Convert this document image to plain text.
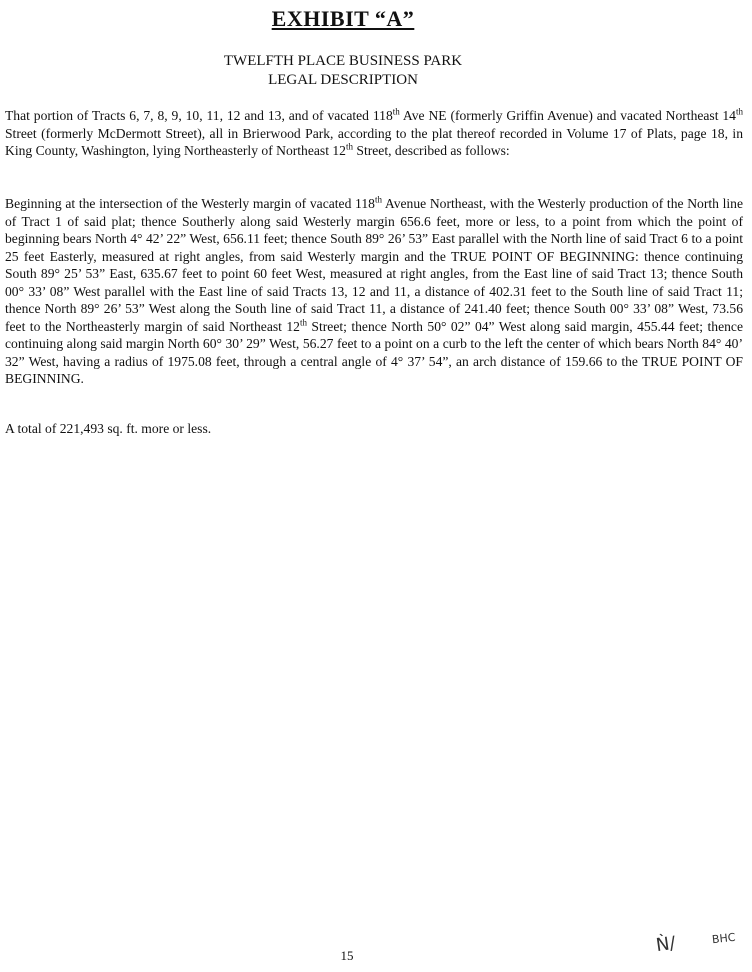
EXHIBIT “A”
TWELFTH PLACE BUSINESS PARK
LEGAL DESCRIPTION

That portion of Tracts 6, 7, 8, 9, 10, 11, 12 and 13, and of vacated 118th Ave NE (formerly Griffin Avenue) and vacated Northeast 14th Street (formerly McDermott Street), all in Brierwood Park, according to the plat thereof recorded in Volume 17 of Plats, page 18, in King County, Washington, lying Northeasterly of Northeast 12th Street, described as follows:

Beginning at the intersection of the Westerly margin of vacated 118th Avenue Northeast, with the Westerly production of the North line of Tract 1 of said plat; thence Southerly along said Westerly margin 656.6 feet, more or less, to a point from which the point of beginning bears North 4° 42’ 22” West, 656.11 feet; thence South 89° 26’ 53” East parallel with the North line of said Tract 6 to a point 25 feet Easterly, measured at right angles, from said Westerly margin and the TRUE POINT OF BEGINNING: thence continuing South 89° 25’ 53” East, 635.67 feet to point 60 feet West, measured at right angles, from the East line of said Tract 13; thence South 00° 33’ 08” West parallel with the East line of said Tracts 13, 12 and 11, a distance of 402.31 feet to the South line of said Tract 11; thence North 89° 26’ 53” West along the South line of said Tract 11, a distance of 241.40 feet; thence South 00° 33’ 08” West, 73.56 feet to the Northeasterly margin of said Northeast 12th Street; thence North 50° 02” 04” West along said margin, 455.44 feet; thence continuing along said margin North 60° 30’ 29” West, 56.27 feet to a point on a curb to the left the center of which bears North 84° 40’ 32” West, having a radius of 1975.08 feet, through a central angle of 4° 37’ 54”, an arch distance of 159.66 to the TRUE POINT OF BEGINNING.

A total of 221,493 sq. ft. more or less.

15	Ǹ/	BHC
